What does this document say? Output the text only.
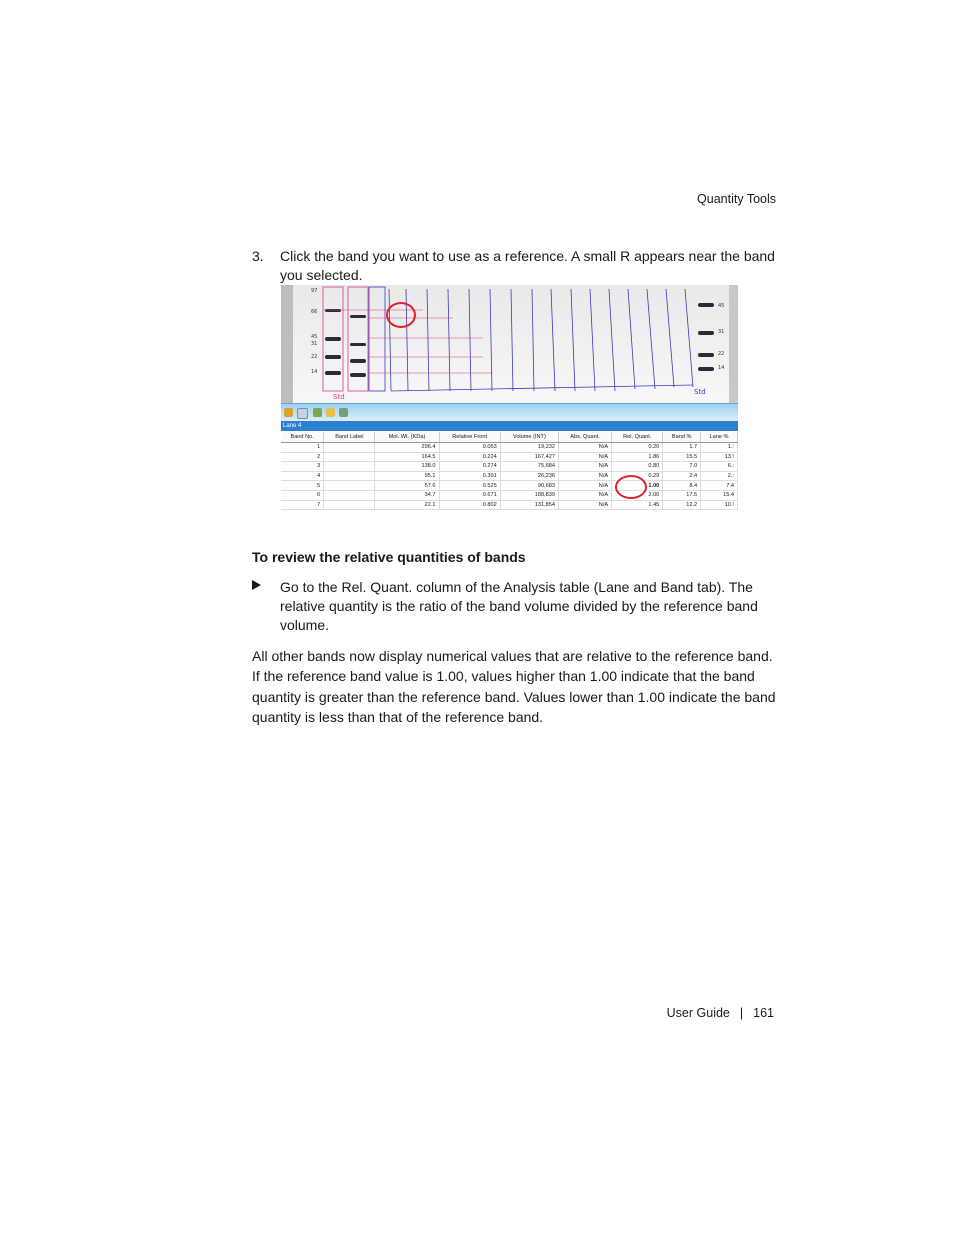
Quantity Tools
3. Click the band you want to use as a reference. A small R appears near the band you selected.
Std
Std
97
66
45
31
22
14
45
31
22
14
Lane 4
Band No.	Band Label	Mol. Wt. (KDa)	Relative Front	Volume (INT)	Abs. Quant.	Rel. Quant.	Band %	Lane %
1		296.4	0.053	19,232	N/A	0.20	1.7	1.:
2		164.5	0.224	167,427	N/A	1.86	15.5	13.!
3		138.0	0.274	75,684	N/A	0.80	7.0	6.:
4		95.1	0.391	26,236	N/A	0.29	2.4	2.:
5		57.6	0.525	90,683	N/A	1.00	8.4	7.4
6		34.7	0.671	188,839	N/A	2.00	17.5	15.4
7		22.1	0.802	131,854	N/A	1.45	12.2	10.!
To review the relative quantities of bands
Go to the Rel. Quant. column of the Analysis table (Lane and Band tab). The relative quantity is the ratio of the band volume divided by the reference band volume.
All other bands now display numerical values that are relative to the reference band. If the reference band value is 1.00, values higher than 1.00 indicate that the band quantity is greater than the reference band. Values lower than 1.00 indicate the band quantity is less than that of the reference band.
User Guide | 161
